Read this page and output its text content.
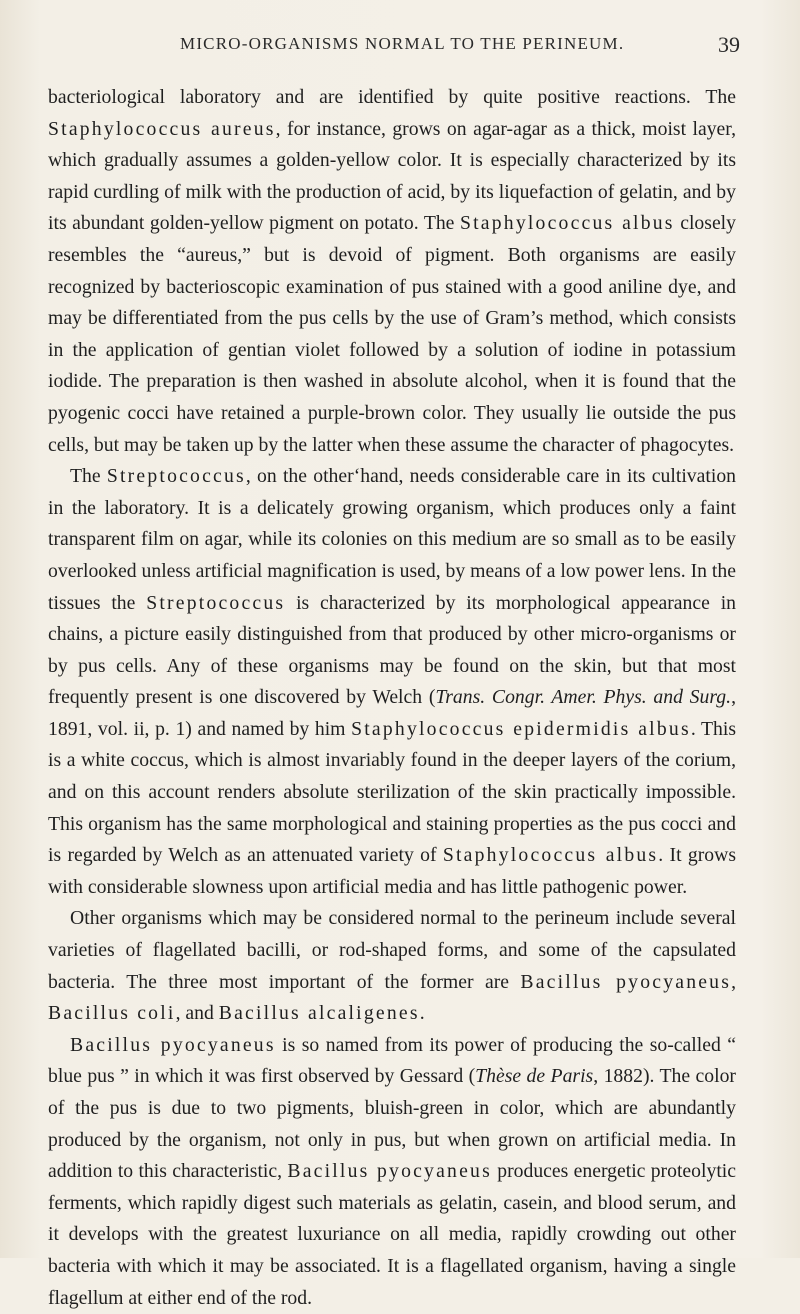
MICRO-ORGANISMS NORMAL TO THE PERINEUM.	39

bacteriological laboratory and are identified by quite positive reactions. The Staphylococcus aureus, for instance, grows on agar-agar as a thick, moist layer, which gradually assumes a golden-yellow color. It is especially characterized by its rapid curdling of milk with the production of acid, by its liquefaction of gelatin, and by its abundant golden-yellow pigment on potato. The Staphylococcus albus closely resembles the “aureus,” but is devoid of pigment. Both organisms are easily recognized by bacterioscopic examination of pus stained with a good aniline dye, and may be differentiated from the pus cells by the use of Gram’s method, which consists in the application of gentian violet followed by a solution of iodine in potassium iodide. The preparation is then washed in absolute alcohol, when it is found that the pyogenic cocci have retained a purple-brown color. They usually lie outside the pus cells, but may be taken up by the latter when these assume the character of phagocytes.

The Streptococcus, on the otherʻhand, needs considerable care in its cultivation in the laboratory. It is a delicately growing organism, which produces only a faint transparent film on agar, while its colonies on this medium are so small as to be easily overlooked unless artificial magnification is used, by means of a low power lens. In the tissues the Streptococcus is characterized by its morphological appearance in chains, a picture easily distinguished from that produced by other micro-organisms or by pus cells. Any of these organisms may be found on the skin, but that most frequently present is one discovered by Welch (Trans. Congr. Amer. Phys. and Surg., 1891, vol. ii, p. 1) and named by him Staphylococcus epidermidis albus. This is a white coccus, which is almost invariably found in the deeper layers of the corium, and on this account renders absolute sterilization of the skin practically impossible. This organism has the same morphological and staining properties as the pus cocci and is regarded by Welch as an attenuated variety of Staphylococcus albus. It grows with considerable slowness upon artificial media and has little pathogenic power.

Other organisms which may be considered normal to the perineum include several varieties of flagellated bacilli, or rod-shaped forms, and some of the capsulated bacteria. The three most important of the former are Bacillus pyocyaneus, Bacillus coli, and Bacillus alcaligenes.

Bacillus pyocyaneus is so named from its power of producing the so-called “ blue pus ” in which it was first observed by Gessard (Thèse de Paris, 1882). The color of the pus is due to two pigments, bluish-green in color, which are abundantly produced by the organism, not only in pus, but when grown on artificial media. In addition to this characteristic, Bacillus pyocyaneus produces energetic proteolytic ferments, which rapidly digest such materials as gelatin, casein, and blood serum, and it develops with the greatest luxuriance on all media, rapidly crowding out other bacteria with which it may be associated. It is a flagellated organism, having a single flagellum at either end of the rod.
